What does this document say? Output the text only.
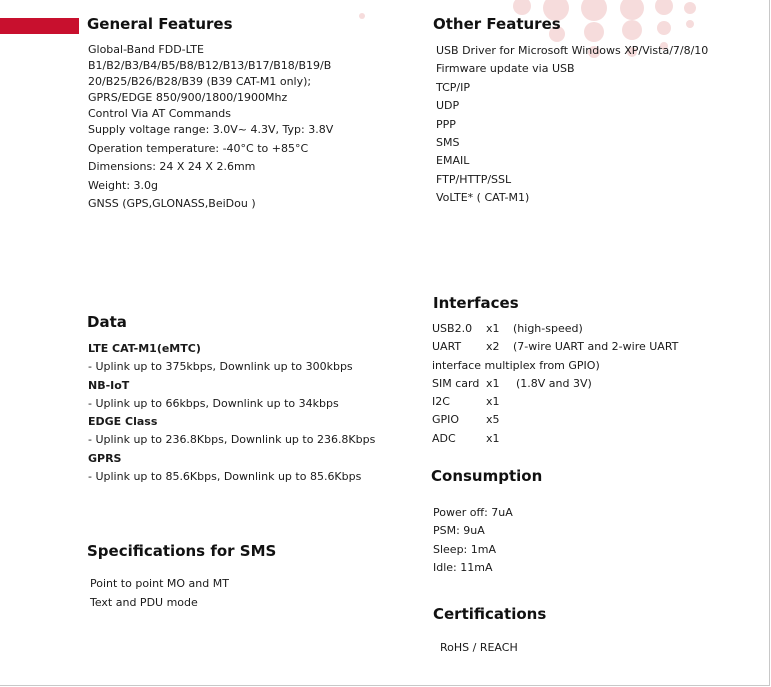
General Features
Global-Band FDD-LTE
B1/B2/B3/B4/B5/B8/B12/B13/B17/B18/B19/B
20/B25/B26/B28/B39 (B39 CAT-M1 only);
GPRS/EDGE 850/900/1800/1900Mhz
Control Via AT Commands
Supply voltage range: 3.0V~ 4.3V, Typ: 3.8V
Operation temperature: -40°C to +85°C
Dimensions: 24 X 24 X 2.6mm
Weight: 3.0g
GNSS (GPS,GLONASS,BeiDou )
Other Features
USB Driver for Microsoft Windows XP/Vista/7/8/10
Firmware update via USB
TCP/IP
UDP
PPP
SMS
EMAIL
FTP/HTTP/SSL
VoLTE* ( CAT-M1)
Data
LTE CAT-M1(eMTC)
- Uplink up to 375kbps, Downlink up to 300kbps
NB-IoT
- Uplink up to 66kbps, Downlink up to 34kbps
EDGE Class
- Uplink up to 236.8Kbps, Downlink up to 236.8Kbps
GPRS
- Uplink up to 85.6Kbps, Downlink up to 85.6Kbps
Interfaces
USB2.0	x1	(high-speed)
UART	x2	(7-wire UART and 2-wire UART
interface multiplex from GPIO)
SIM card x1	(1.8V and 3V)
I2C	x1
GPIO	x5
ADC	x1
Consumption
Power off: 7uA
PSM: 9uA
Sleep: 1mA
Idle: 11mA
Specifications for SMS
Point to point MO and MT
Text and PDU mode
Certifications
RoHS / REACH
